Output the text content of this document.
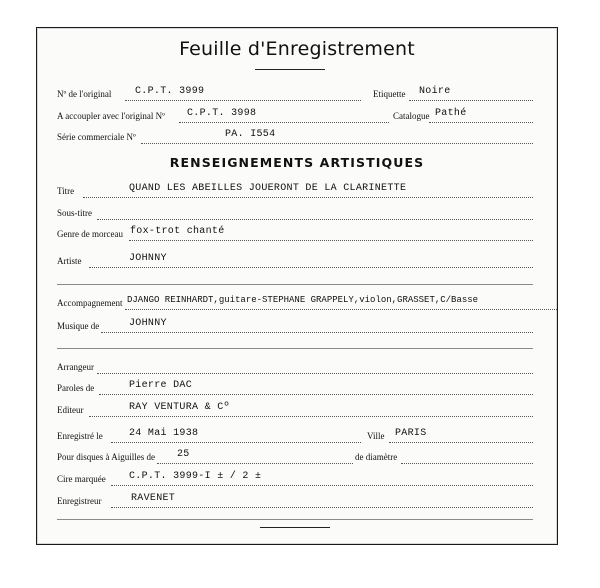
Feuille d'Enregistrement
Nº de l'original C.P.T. 3999	Etiquette Noire
A accoupler avec l'original Nº C.P.T. 3998	Catalogue Pathé
Série commerciale Nº	PA. I554
RENSEIGNEMENTS ARTISTIQUES
Titre	QUAND LES ABEILLES JOUERONT DE LA CLARINETTE
Sous-titre
Genre de morceau fox-trot chanté
Artiste	JOHNNY
Accompagnement DJANGO REINHARDT,guitare-STEPHANE GRAPPELY,violon,GRASSET,C/Basse
Musique de	JOHNNY
Arrangeur
Paroles de	Pierre DAC
Editeur	RAY VENTURA & Cº
Enregistré le	24 Mai 1938	Ville PARIS
Pour disques à Aiguilles de 25	de diamètre
Cire marquée C.P.T. 3999-I ± / 2 ±
Enregistreur	RAVENET
